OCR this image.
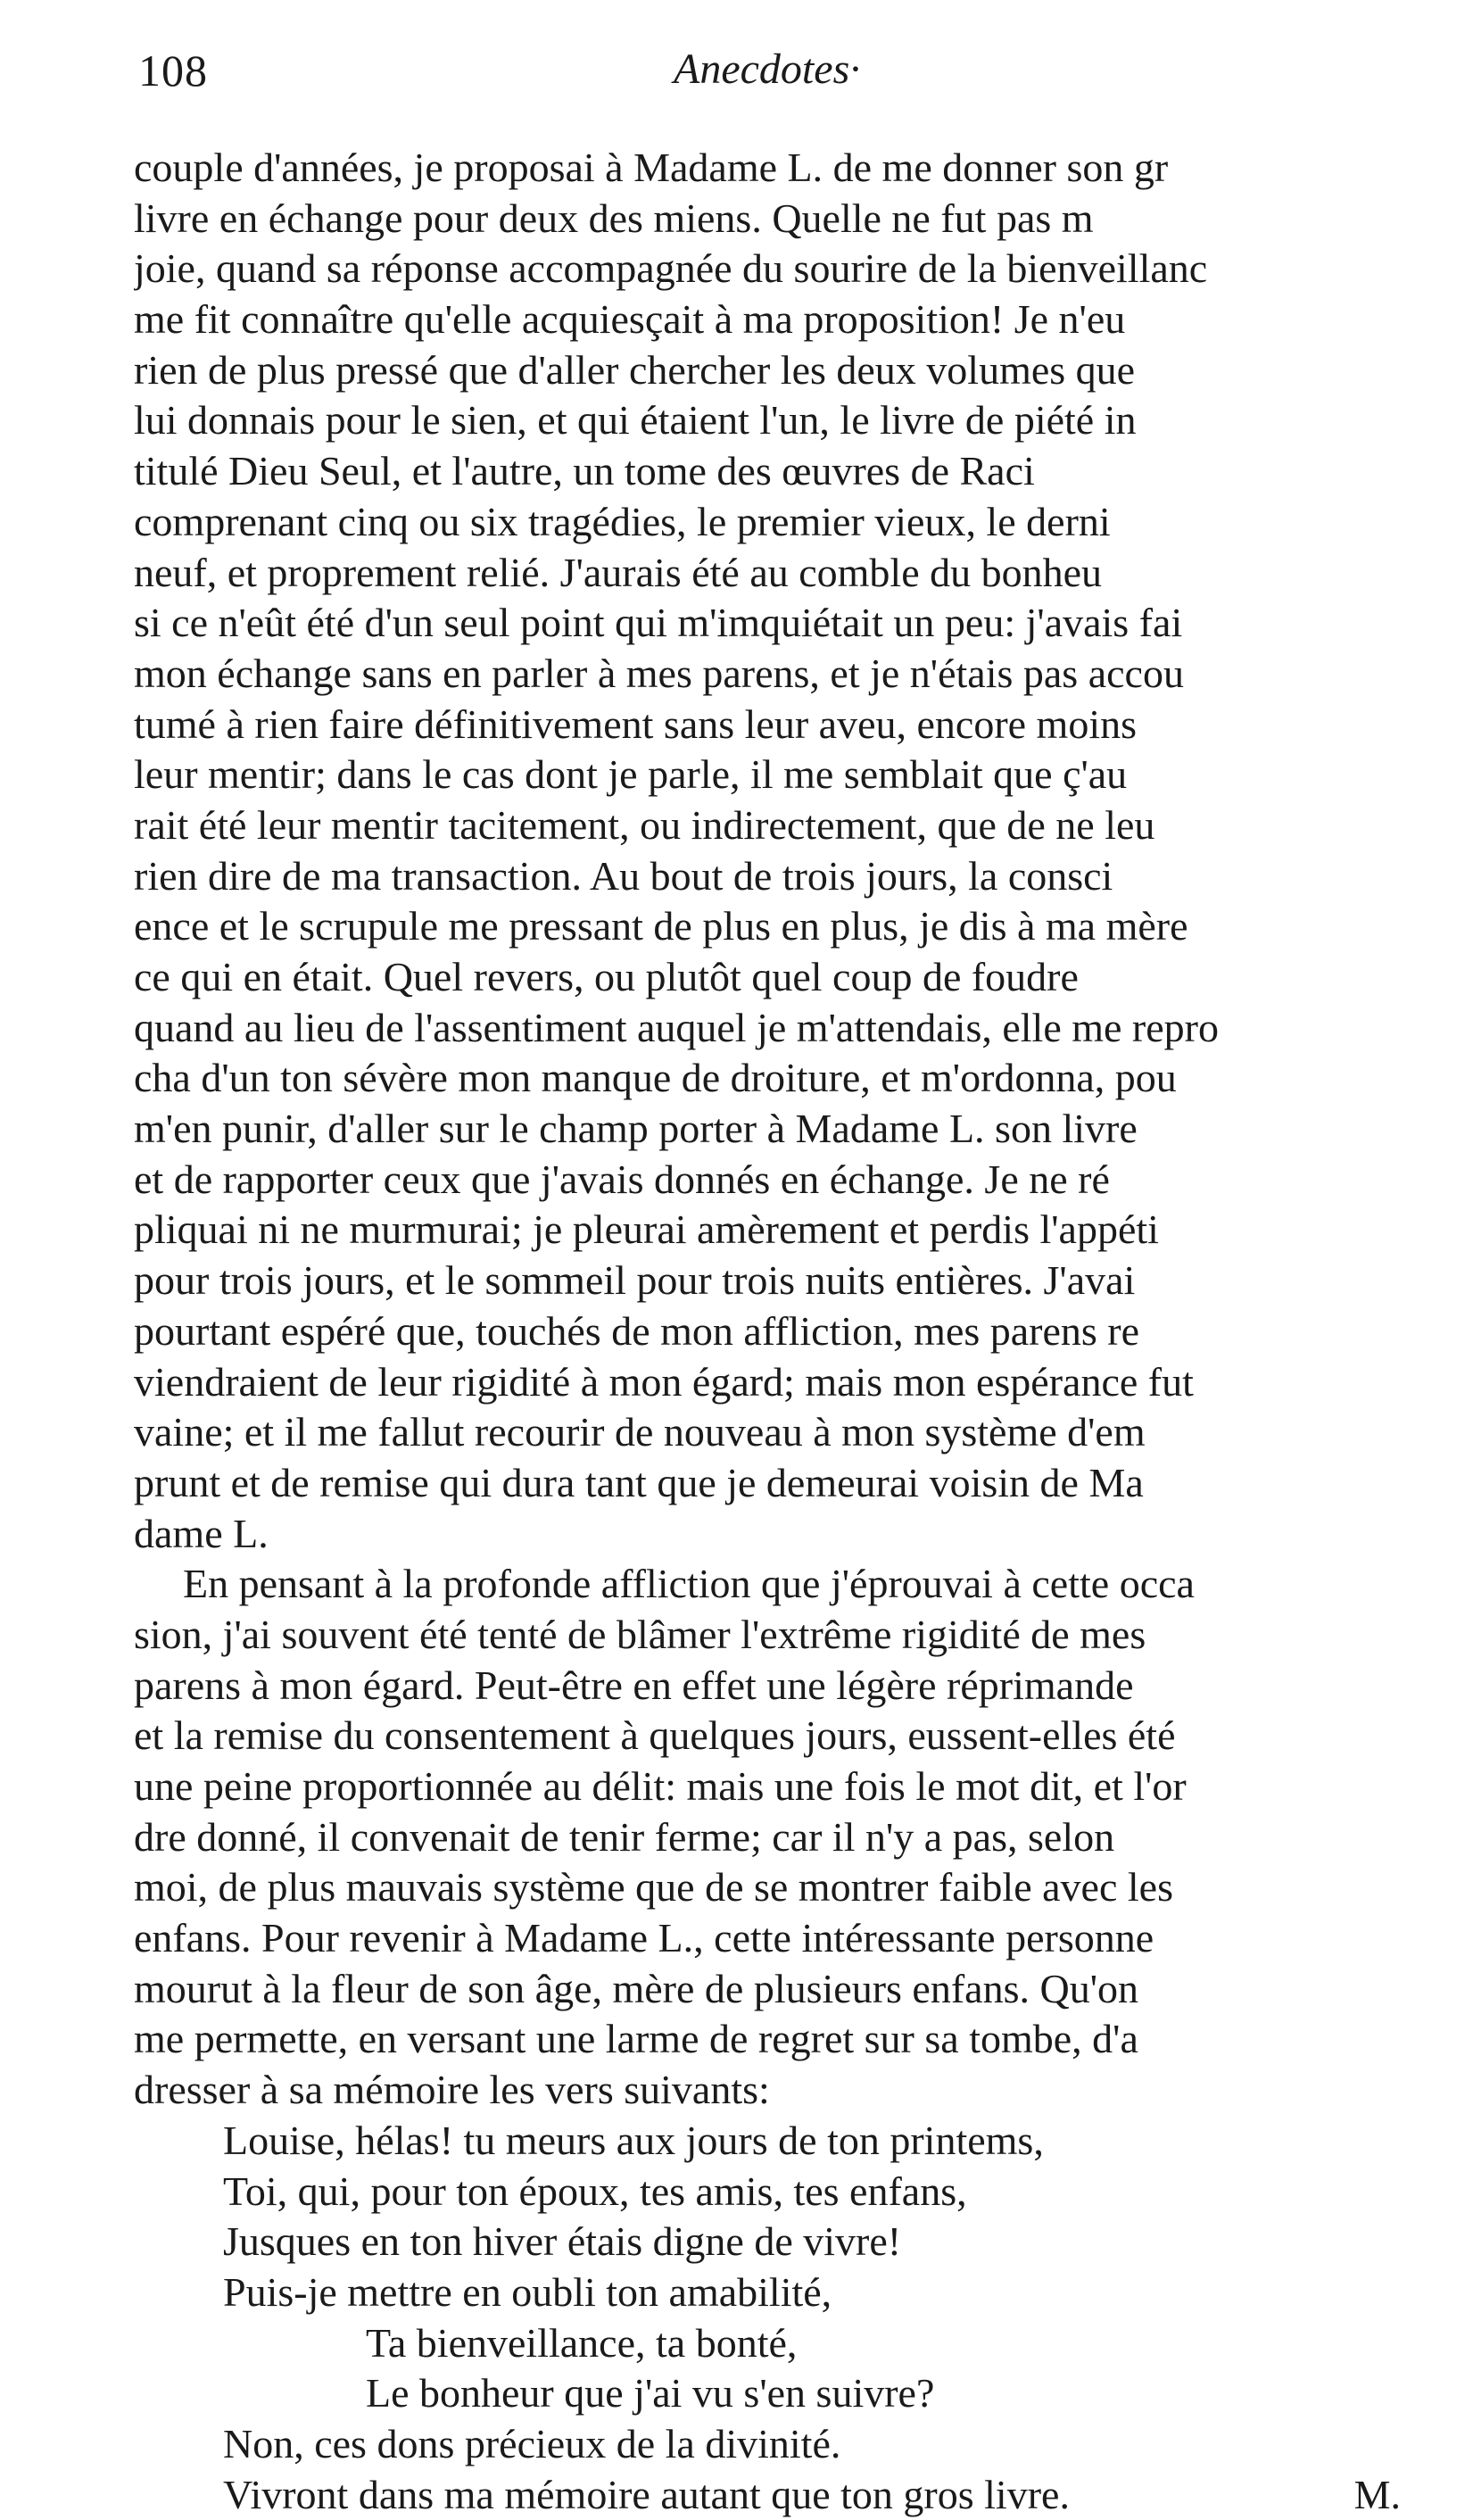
108	Anecdotes·
couple d'années, je proposai à Madame L. de me donner son gr
livre en échange pour deux des miens. Quelle ne fut pas m
joie, quand sa réponse accompagnée du sourire de la bienveillanc
me fit connaître qu'elle acquiesçait à ma proposition! Je n'eu
rien de plus pressé que d'aller chercher les deux volumes que
lui donnais pour le sien, et qui étaient l'un, le livre de piété in
titulé Dieu Seul, et l'autre, un tome des œuvres de Raci
comprenant cinq ou six tragédies, le premier vieux, le derni
neuf, et proprement relié. J'aurais été au comble du bonheu
si ce n'eût été d'un seul point qui m'imquiétait un peu: j'avais fai
mon échange sans en parler à mes parens, et je n'étais pas accou
tumé à rien faire définitivement sans leur aveu, encore moins
leur mentir; dans le cas dont je parle, il me semblait que ç'au
rait été leur mentir tacitement, ou indirectement, que de ne leu
rien dire de ma transaction. Au bout de trois jours, la consci
ence et le scrupule me pressant de plus en plus, je dis à ma mère
ce qui en était. Quel revers, ou plutôt quel coup de foudre
quand au lieu de l'assentiment auquel je m'attendais, elle me repro
cha d'un ton sévère mon manque de droiture, et m'ordonna, pou
m'en punir, d'aller sur le champ porter à Madame L. son livre
et de rapporter ceux que j'avais donnés en échange. Je ne ré
pliquai ni ne murmurai; je pleurai amèrement et perdis l'appéti
pour trois jours, et le sommeil pour trois nuits entières. J'avai
pourtant espéré que, touchés de mon affliction, mes parens re
viendraient de leur rigidité à mon égard; mais mon espérance fut
vaine; et il me fallut recourir de nouveau à mon système d'em
prunt et de remise qui dura tant que je demeurai voisin de Ma
dame L.
En pensant à la profonde affliction que j'éprouvai à cette occa
sion, j'ai souvent été tenté de blâmer l'extrême rigidité de mes
parens à mon égard. Peut-être en effet une légère réprimande
et la remise du consentement à quelques jours, eussent-elles été
une peine proportionnée au délit: mais une fois le mot dit, et l'or
dre donné, il convenait de tenir ferme; car il n'y a pas, selon
moi, de plus mauvais système que de se montrer faible avec les
enfans. Pour revenir à Madame L., cette intéressante personne
mourut à la fleur de son âge, mère de plusieurs enfans. Qu'on
me permette, en versant une larme de regret sur sa tombe, d'a
dresser à sa mémoire les vers suivants:
Louise, hélas! tu meurs aux jours de ton printems,
Toi, qui, pour ton époux, tes amis, tes enfans,
Jusques en ton hiver étais digne de vivre!
Puis-je mettre en oubli ton amabilité,
Ta bienveillance, ta bonté,
Le bonheur que j'ai vu s'en suivre?
Non, ces dons précieux de la divinité.
Vivront dans ma mémoire autant que ton gros livre.	M.
